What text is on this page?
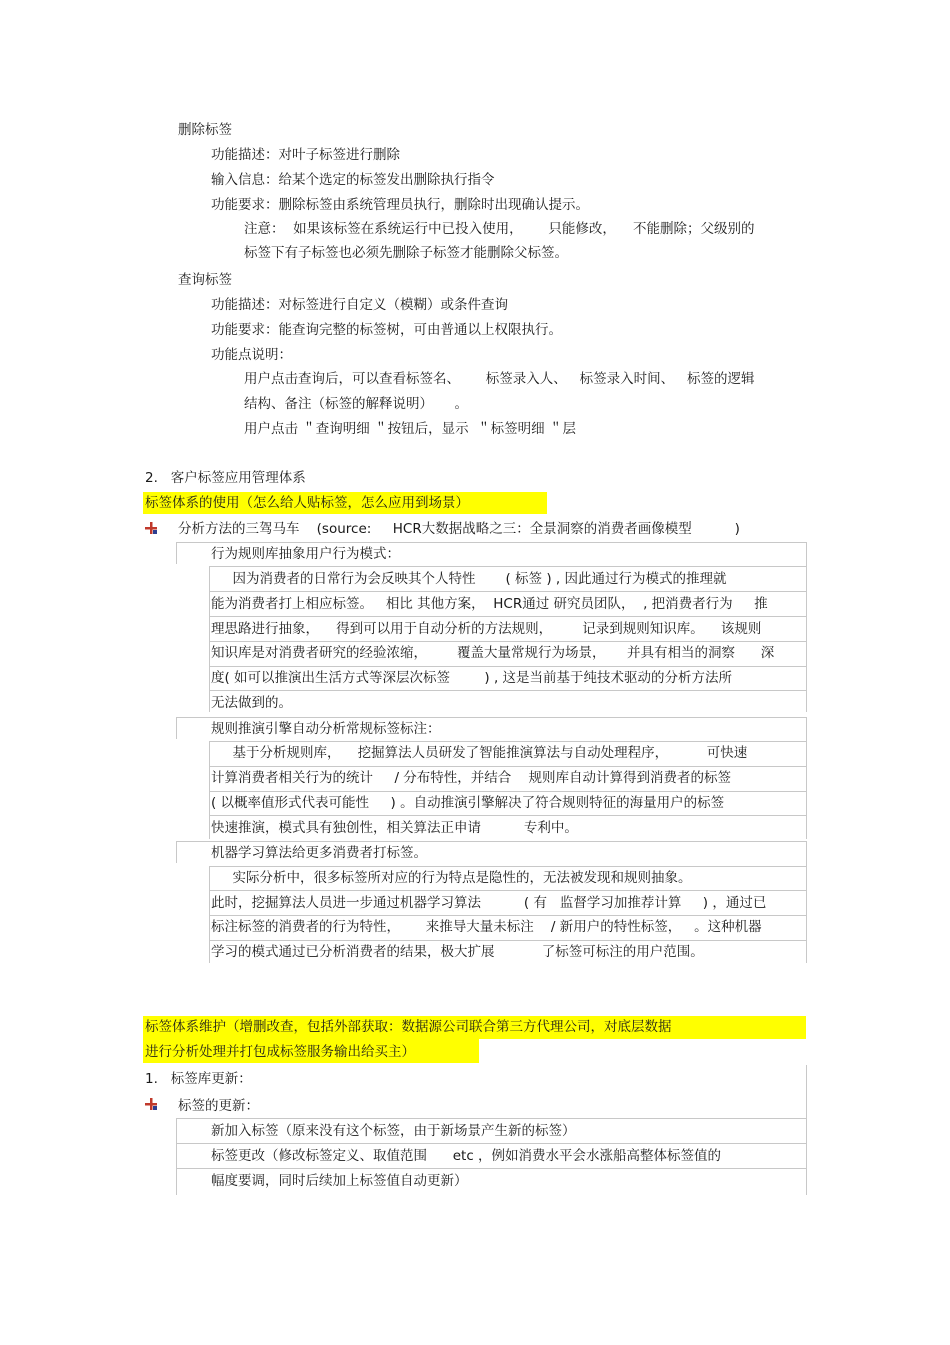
删除标签
功能描述：对叶子标签进行删除
输入信息：给某个选定的标签发出删除执行指令
功能要求：删除标签由系统管理员执行，删除时出现确认提示。
注意：  如果该标签在系统运行中已投入使用，      只能修改，    不能删除；父级别的
标签下有子标签也必须先删除子标签才能删除父标签。
查询标签
功能描述：对标签进行自定义（模糊）或条件查询
功能要求：能查询完整的标签树，可由普通以上权限执行。
功能点说明：
用户点击查询后，可以查看标签名、      标签录入人、   标签录入时间、   标签的逻辑
结构、备注（标签的解释说明）     。
用户点击 ＂查询明细 ＂按钮后，显示  ＂标签明细 ＂层
2.   客户标签应用管理体系
标签体系的使用（怎么给人贴标签，怎么应用到场景）
分析方法的三驾马车    (source:     HCR大数据战略之三：全景洞察的消费者画像模型          )
行为规则库抽象用户行为模式：
因为消费者的日常行为会反映其个人特性       ( 标签 ) , 因此通过行为模式的推理就
能为消费者打上相应标签。   相比 其他方案，  HCR通过 研究员团队，  , 把消费者行为     推
理思路进行抽象，    得到可以用于自动分析的方法规则，       记录到规则知识库。    该规则
知识库是对消费者研究的经验浓缩，       覆盖大量常规行为场景，     并具有相当的洞察      深
度( 如可以推演出生活方式等深层次标签        ) , 这是当前基于纯技术驱动的分析方法所
无法做到的。
规则推演引擎自动分析常规标签标注：
基于分析规则库，    挖掘算法人员研发了智能推演算法与自动处理程序，         可快速
计算消费者相关行为的统计     / 分布特性，并结合    规则库自动计算得到消费者的标签
( 以概率值形式代表可能性     ) 。自动推演引擎解决了符合规则特征的海量用户的标签
快速推演，模式具有独创性，相关算法正申请          专利中。
机器学习算法给更多消费者打标签。
实际分析中，很多标签所对应的行为特点是隐性的，无法被发现和规则抽象。
此时，挖掘算法人员进一步通过机器学习算法          ( 有   监督学习加推荐计算     ) ，通过已
标注标签的消费者的行为特性，      来推导大量未标注    / 新用户的特性标签，   。这种机器
学习的模式通过已分析消费者的结果，极大扩展           了标签可标注的用户范围。
标签体系维护（增删改查，包括外部获取：数据源公司联合第三方代理公司，对底层数据
进行分析处理并打包成标签服务输出给买主）
1.   标签库更新：
标签的更新：
新加入标签（原来没有这个标签，由于新场景产生新的标签）
标签更改（修改标签定义、取值范围      etc ，例如消费水平会水涨船高整体标签值的
幅度要调，同时后续加上标签值自动更新）
